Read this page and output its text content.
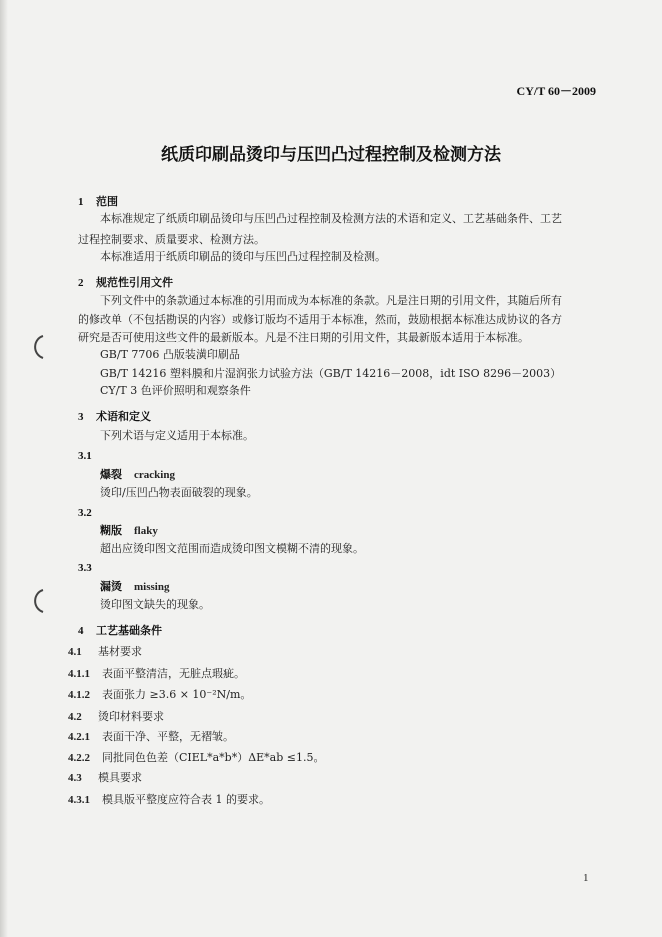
CY/T 60－2009
纸质印刷品烫印与压凹凸过程控制及检测方法
1 范围
本标准规定了纸质印刷品烫印与压凹凸过程控制及检测方法的术语和定义、工艺基础条件、工艺
过程控制要求、质量要求、检测方法。
本标准适用于纸质印刷品的烫印与压凹凸过程控制及检测。
2 规范性引用文件
下列文件中的条款通过本标准的引用而成为本标准的条款。凡是注日期的引用文件，其随后所有
的修改单（不包括勘误的内容）或修订版均不适用于本标准，然而，鼓励根据本标准达成协议的各方
研究是否可使用这些文件的最新版本。凡是不注日期的引用文件，其最新版本适用于本标准。
GB/T 7706 凸版装潢印刷品
GB/T 14216 塑料膜和片湿润张力试验方法（GB/T 14216－2008，idt ISO 8296－2003）
CY/T 3 色评价照明和观察条件
3 术语和定义
下列术语与定义适用于本标准。
3.1
爆裂 cracking
烫印/压凹凸物表面破裂的现象。
3.2
糊版 flaky
超出应烫印图文范围而造成烫印图文模糊不清的现象。
3.3
漏烫 missing
烫印图文缺失的现象。
4 工艺基础条件
4.1 基材要求
4.1.1 表面平整清洁，无脏点瑕疵。
4.1.2 表面张力 ≥3.6 × 10⁻²N/m。
4.2 烫印材料要求
4.2.1 表面干净、平整，无褶皱。
4.2.2 同批同色色差（CIEL*a*b*）ΔE*ab ≤1.5。
4.3 模具要求
4.3.1 模具版平整度应符合表 1 的要求。
1
